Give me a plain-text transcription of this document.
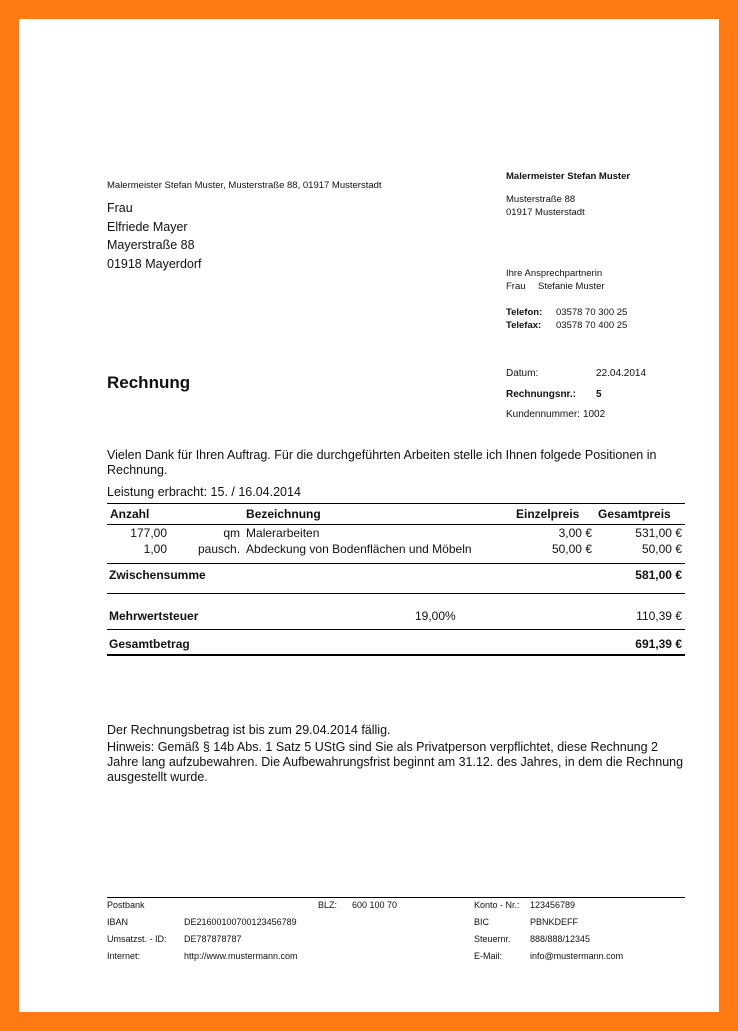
Malermeister Stefan Muster, Musterstraße 88, 01917 Musterstadt
Frau
Elfriede Mayer
Mayerstraße 88
01918 Mayerdorf
Malermeister Stefan Muster
Musterstraße 88
01917 Musterstadt
Ihre Ansprechpartnerin
Frau	Stefanie Muster
Telefon:	03578 70 300 25
Telefax:	03578 70 400 25
Datum:	22.04.2014
Rechnungsnr.:	5
Kundennummer: 1002
Rechnung
Vielen Dank für Ihren Auftrag. Für die durchgeführten Arbeiten stelle ich Ihnen folgede Positionen in Rechnung.
Leistung erbracht: 15. / 16.04.2014
Anzahl		Bezeichnung	Einzelpreis	Gesamtpreis
177,00	qm	Malerarbeiten	3,00 €	531,00 €
1,00	pausch.	Abdeckung von Bodenflächen und Möbeln	50,00 €	50,00 €
Zwischensumme	581,00 €
Mehrwertsteuer	19,00%	110,39 €
Gesamtbetrag	691,39 €
Der Rechnungsbetrag ist bis zum 29.04.2014 fällig.
Hinweis: Gemäß § 14b Abs. 1 Satz 5 UStG sind Sie als Privatperson verpflichtet, diese Rechnung 2 Jahre lang aufzubewahren. Die Aufbewahrungsfrist beginnt am 31.12. des Jahres, in dem die Rechnung ausgestellt wurde.
Postbank	BLZ: 600 100 70	Konto - Nr.: 123456789
IBAN	DE21600100700123456789	BIC	PBNKDEFF
Umsatzst. - ID: DE787878787	Steuernr. 888/888/12345
Internet:	http://www.mustermann.com	E-Mail:	info@mustermann.com
